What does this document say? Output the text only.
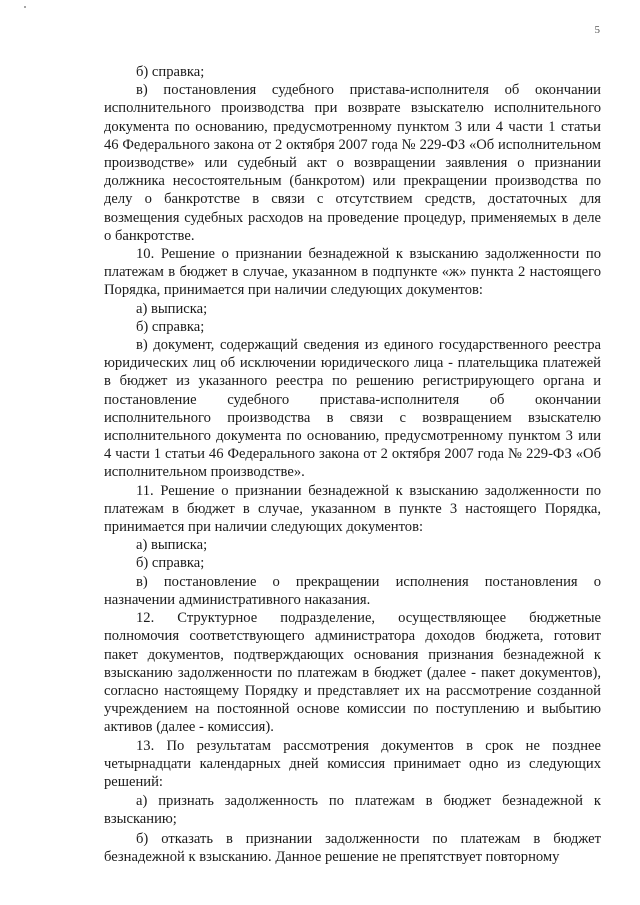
5

б) справка;

в) постановления судебного пристава-исполнителя об окончании исполнительного производства при возврате взыскателю исполнительного документа по основанию, предусмотренному пунктом 3 или 4 части 1 статьи 46 Федерального закона от 2 октября 2007 года № 229-ФЗ «Об исполнительном производстве» или судебный акт о возвращении заявления о признании должника несостоятельным (банкротом) или прекращении производства по делу о банкротстве в связи с отсутствием средств, достаточных для возмещения судебных расходов на проведение процедур, применяемых в деле о банкротстве.

10. Решение о признании безнадежной к взысканию задолженности по платежам в бюджет в случае, указанном в подпункте «ж» пункта 2 настоящего Порядка, принимается при наличии следующих документов:

а) выписка;

б) справка;

в) документ, содержащий сведения из единого государственного реестра юридических лиц об исключении юридического лица - плательщика платежей в бюджет из указанного реестра по решению регистрирующего органа и постановление судебного пристава-исполнителя об окончании исполнительного производства в связи с возвращением взыскателю исполнительного документа по основанию, предусмотренному пунктом 3 или 4 части 1 статьи 46 Федерального закона от 2 октября 2007 года № 229-ФЗ «Об исполнительном производстве».

11. Решение о признании безнадежной к взысканию задолженности по платежам в бюджет в случае, указанном в пункте 3 настоящего Порядка, принимается при наличии следующих документов:

а) выписка;

б) справка;

в) постановление о прекращении исполнения постановления о назначении административного наказания.

12. Структурное подразделение, осуществляющее бюджетные полномочия соответствующего администратора доходов бюджета, готовит пакет документов, подтверждающих основания признания безнадежной к взысканию задолженности по платежам в бюджет (далее - пакет документов), согласно настоящему Порядку и представляет их на рассмотрение созданной учреждением на постоянной основе комиссии по поступлению и выбытию активов (далее - комиссия).

13. По результатам рассмотрения документов в срок не позднее четырнадцати календарных дней комиссия принимает одно из следующих решений:

а) признать задолженность по платежам в бюджет безнадежной к взысканию;

б) отказать в признании задолженности по платежам в бюджет безнадежной к взысканию. Данное решение не препятствует повторному
